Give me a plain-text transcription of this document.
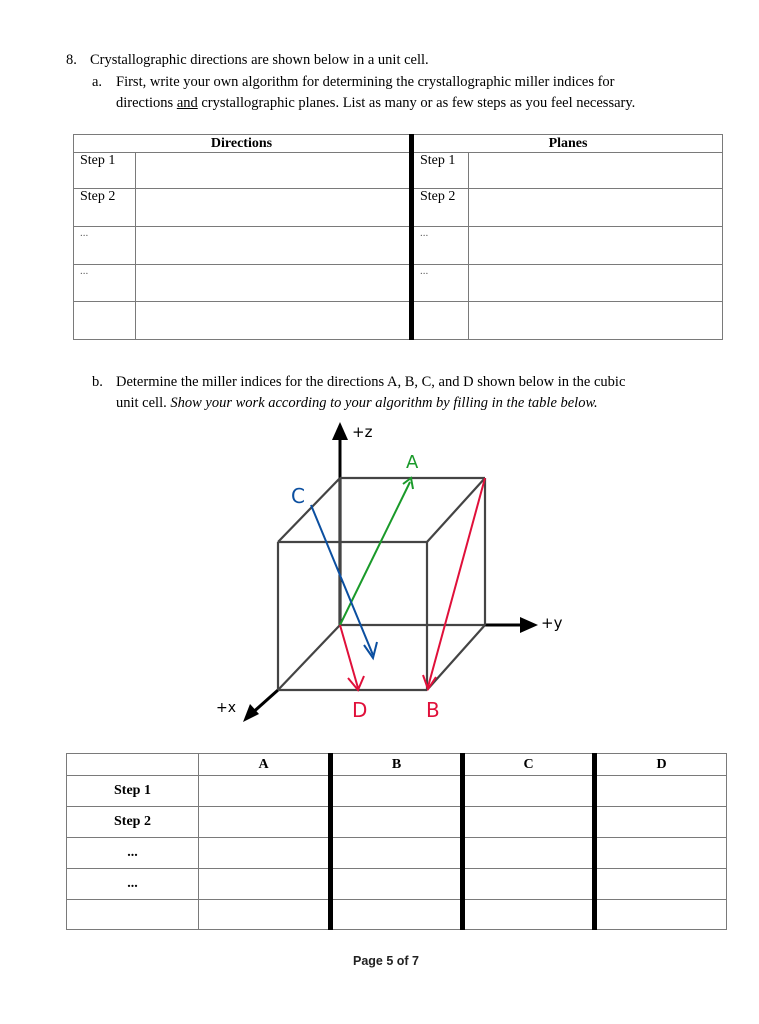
8. Crystallographic directions are shown below in a unit cell.
a. First, write your own algorithm for determining the crystallographic miller indices for
directions and crystallographic planes. List as many or as few steps as you feel necessary.
Directions		Planes	
Step 1		Step 1	
Step 2		Step 2	
...		...	
...		...	

b. Determine the miller indices for the directions A, B, C, and D shown below in the cubic
unit cell. Show your work according to your algorithm by filling in the table below.
+z
+y
+x
A
B
C
D
	A	B	C	D
Step 1				
Step 2				
...				
...				

Page 5 of 7
